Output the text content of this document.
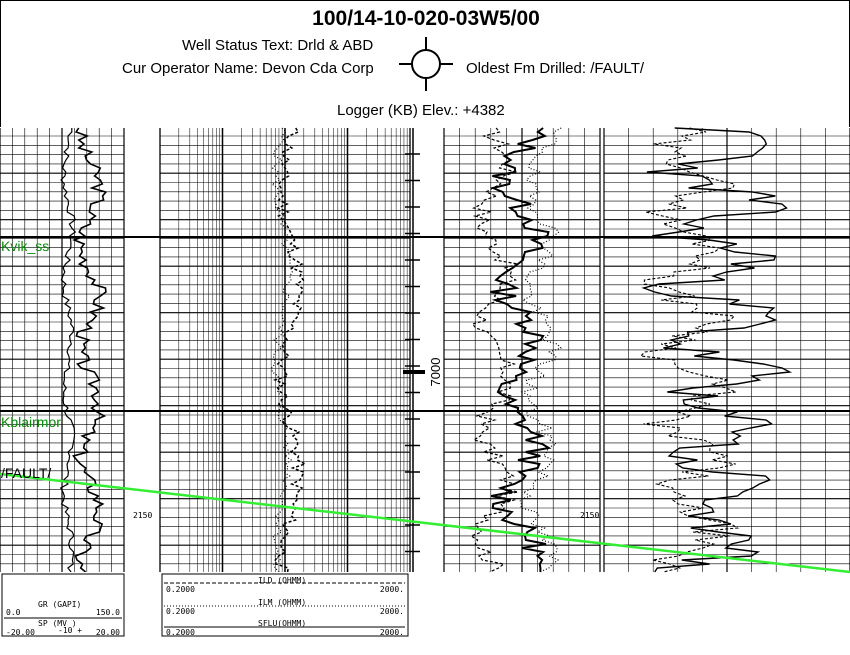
100/14-10-020-03W5/00
Well Status Text: Drld & ABD
Cur Operator Name: Devon Cda Corp	Oldest Fm Drilled: /FAULT/
Logger (KB) Elev.: +4382
7000
2150	2150
Kvik_ss
Kblairmor
/FAULT/
GR (GAPI)
0.0	150.0
SP (MV )
-20.00	-10 + 20.00
ILD (OHMM)
0.2000	2000.
ILM (OHMM)
0.2000	2000.
SFLU(OHMM)
0.2000	2000.
